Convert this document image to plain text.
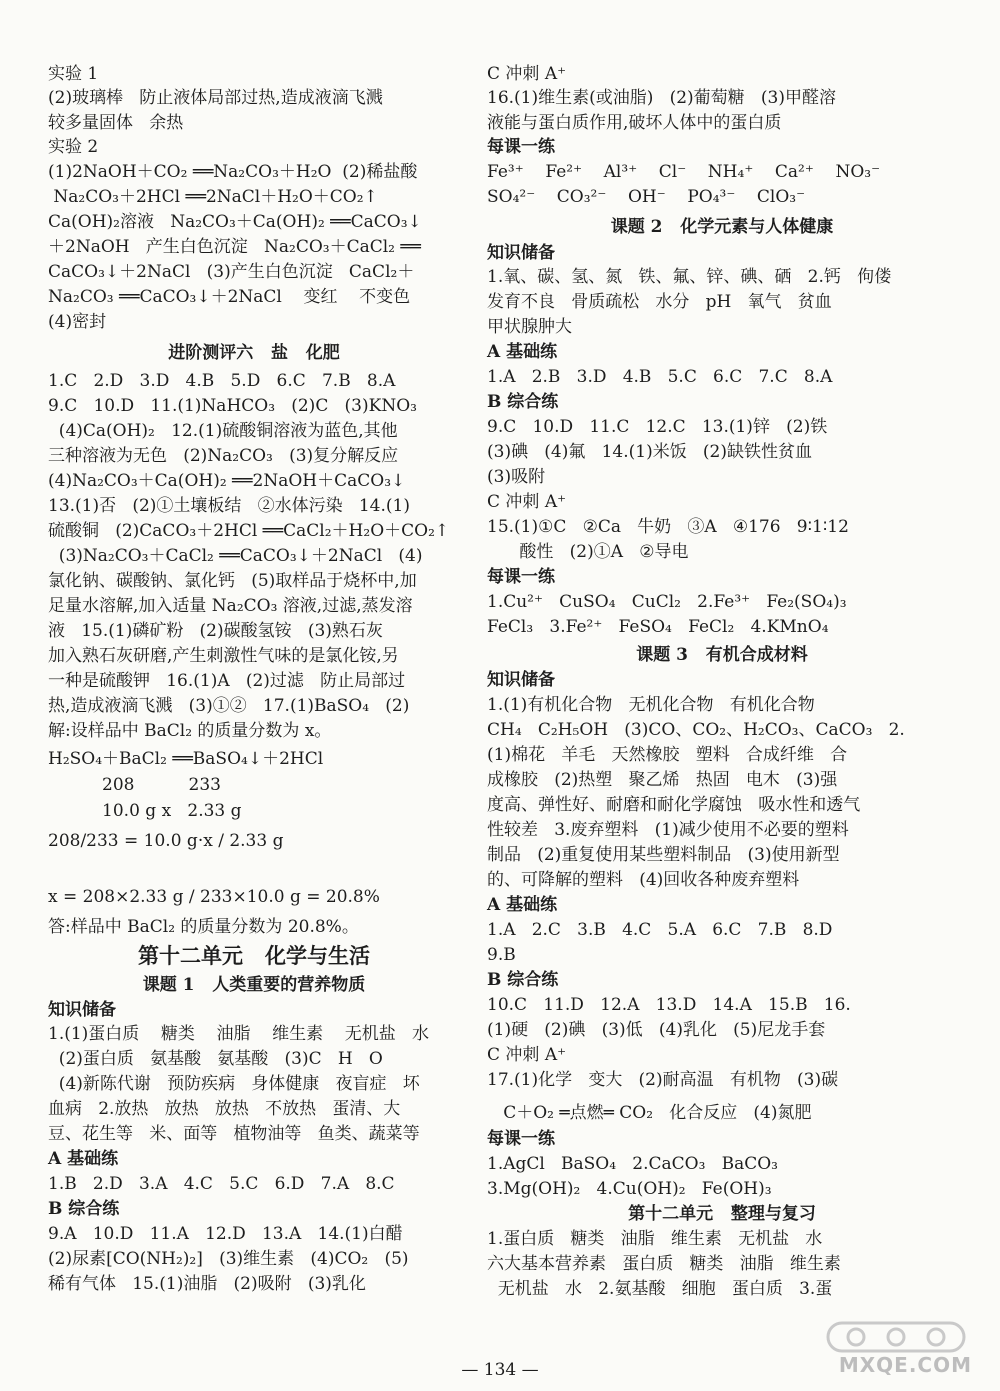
实验 1
(2)玻璃棒   防止液体局部过热,造成液滴飞溅
较多量固体   余热
实验 2
(1)2NaOH＋CO₂ ══Na₂CO₃＋H₂O  (2)稀盐酸
Na₂CO₃＋2HCl ══2NaCl＋H₂O＋CO₂↑
Ca(OH)₂溶液   Na₂CO₃＋Ca(OH)₂ ══CaCO₃↓
＋2NaOH   产生白色沉淀   Na₂CO₃＋CaCl₂ ══
CaCO₃↓＋2NaCl   (3)产生白色沉淀   CaCl₂＋
Na₂CO₃ ══CaCO₃↓＋2NaCl    变红    不变色
(4)密封
进阶测评六   盐   化肥
1.C   2.D   3.D   4.B   5.D   6.C   7.B   8.A
9.C   10.D   11.(1)NaHCO₃   (2)C   (3)KNO₃
(4)Ca(OH)₂   12.(1)硫酸铜溶液为蓝色,其他
三种溶液为无色   (2)Na₂CO₃   (3)复分解反应
(4)Na₂CO₃＋Ca(OH)₂ ══2NaOH＋CaCO₃↓
13.(1)否   (2)①土壤板结   ②水体污染   14.(1)
硫酸铜   (2)CaCO₃＋2HCl ══CaCl₂＋H₂O＋CO₂↑
(3)Na₂CO₃＋CaCl₂ ══CaCO₃↓＋2NaCl   (4)
氯化钠、碳酸钠、氯化钙   (5)取样品于烧杯中,加
足量水溶解,加入适量 Na₂CO₃ 溶液,过滤,蒸发溶
液   15.(1)磷矿粉   (2)碳酸氢铵   (3)熟石灰
加入熟石灰研磨,产生刺激性气味的是氯化铵,另
一种是硫酸钾   16.(1)A   (2)过滤   防止局部过
热,造成液滴飞溅   (3)①②   17.(1)BaSO₄   (2)
解:设样品中 BaCl₂ 的质量分数为 x。
H₂SO₄＋BaCl₂ ══BaSO₄↓＋2HCl
208          233
10.0 g x   2.33 g
208/233 = 10.0 g·x / 2.33 g
x = 208×2.33 g / 233×10.0 g = 20.8%
答:样品中 BaCl₂ 的质量分数为 20.8%。
第十二单元   化学与生活
课题 1   人类重要的营养物质
知识储备
1.(1)蛋白质    糖类    油脂    维生素    无机盐   水
(2)蛋白质   氨基酸   氨基酸   (3)C   H   O
(4)新陈代谢   预防疾病   身体健康   夜盲症   坏
血病   2.放热   放热   放热   不放热   蛋清、大
豆、花生等   米、面等   植物油等   鱼类、蔬菜等
A 基础练
1.B   2.D   3.A   4.C   5.C   6.D   7.A   8.C
B 综合练
9.A   10.D   11.A   12.D   13.A   14.(1)白醋
(2)尿素[CO(NH₂)₂]   (3)维生素   (4)CO₂   (5)
稀有气体   15.(1)油脂   (2)吸附   (3)乳化
C 冲刺 A⁺
16.(1)维生素(或油脂)   (2)葡萄糖   (3)甲醛溶
液能与蛋白质作用,破坏人体中的蛋白质
每课一练
Fe³⁺    Fe²⁺    Al³⁺    Cl⁻    NH₄⁺    Ca²⁺    NO₃⁻
SO₄²⁻    CO₃²⁻    OH⁻    PO₄³⁻    ClO₃⁻
课题 2   化学元素与人体健康
知识储备
1.氧、碳、氢、氮   铁、氟、锌、碘、硒   2.钙   佝偻
发育不良   骨质疏松   水分   pH   氧气   贫血
甲状腺肿大
A 基础练
1.A   2.B   3.D   4.B   5.C   6.C   7.C   8.A
B 综合练
9.C   10.D   11.C   12.C   13.(1)锌   (2)铁
(3)碘   (4)氟   14.(1)米饭   (2)缺铁性贫血
(3)吸附
C 冲刺 A⁺
15.(1)①C   ②Ca   牛奶   ③A   ④176   9∶1∶12
酸性   (2)①A   ②导电
每课一练
1.Cu²⁺   CuSO₄   CuCl₂   2.Fe³⁺   Fe₂(SO₄)₃
FeCl₃   3.Fe²⁺   FeSO₄   FeCl₂   4.KMnO₄
课题 3   有机合成材料
知识储备
1.(1)有机化合物   无机化合物   有机化合物
CH₄   C₂H₅OH   (3)CO、CO₂、H₂CO₃、CaCO₃   2.
(1)棉花   羊毛   天然橡胶   塑料   合成纤维   合
成橡胶   (2)热塑   聚乙烯   热固   电木   (3)强
度高、弹性好、耐磨和耐化学腐蚀   吸水性和透气
性较差   3.废弃塑料   (1)减少使用不必要的塑料
制品   (2)重复使用某些塑料制品   (3)使用新型
的、可降解的塑料   (4)回收各种废弃塑料
A 基础练
1.A   2.C   3.B   4.C   5.A   6.C   7.B   8.D
9.B
B 综合练
10.C   11.D   12.A   13.D   14.A   15.B   16.
(1)硬   (2)碘   (3)低   (4)乳化   (5)尼龙手套
C 冲刺 A⁺
17.(1)化学   变大   (2)耐高温   有机物   (3)碳
C＋O₂ ═点燃═ CO₂   化合反应   (4)氮肥
每课一练
1.AgCl   BaSO₄   2.CaCO₃   BaCO₃
3.Mg(OH)₂   4.Cu(OH)₂   Fe(OH)₃
第十二单元   整理与复习
1.蛋白质   糖类   油脂   维生素   无机盐   水
六大基本营养素   蛋白质   糖类   油脂   维生素
无机盐   水   2.氨基酸   细胞   蛋白质   3.蛋
— 134 —	MXQE.COM
